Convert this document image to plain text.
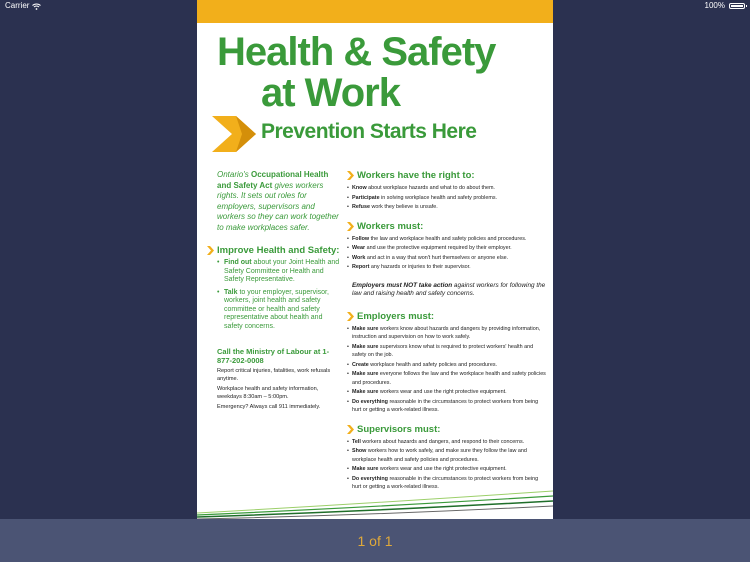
Carrier	100%
Health & Safety
at Work
Prevention Starts Here
Ontario's Occupational Health and Safety Act gives workers rights. It sets out roles for employers, supervisors and workers so they can work together to make workplaces safer.
Improve Health and Safety:
• Find out about your Joint Health and Safety Committee or Health and Safety Representative.
• Talk to your employer, supervisor, workers, joint health and safety committee or health and safety representative about health and safety concerns.
Call the Ministry of Labour at 1-877-202-0008
Report critical injuries, fatalities, work refusals anytime.
Workplace health and safety information, weekdays 8:30am – 5:00pm.
Emergency? Always call 911 immediately.
Workers have the right to:
• Know about workplace hazards and what to do about them.
• Participate in solving workplace health and safety problems.
• Refuse work they believe is unsafe.
Workers must:
• Follow the law and workplace health and safety policies and procedures.
• Wear and use the protective equipment required by their employer.
• Work and act in a way that won't hurt themselves or anyone else.
• Report any hazards or injuries to their supervisor.
Employers must NOT take action against workers for following the law and raising health and safety concerns.
Employers must:
• Make sure workers know about hazards and dangers by providing information, instruction and supervision on how to work safely.
• Make sure supervisors know what is required to protect workers' health and safety on the job.
• Create workplace health and safety policies and procedures.
• Make sure everyone follows the law and the workplace health and safety policies and procedures.
• Make sure workers wear and use the right protective equipment.
• Do everything reasonable in the circumstances to protect workers from being hurt or getting a work-related illness.
Supervisors must:
• Tell workers about hazards and dangers, and respond to their concerns.
• Show workers how to work safely, and make sure they follow the law and workplace health and safety policies and procedures.
• Make sure workers wear and use the right protective equipment.
• Do everything reasonable in the circumstances to protect workers from being hurt or getting a work-related illness.
1 of 1
